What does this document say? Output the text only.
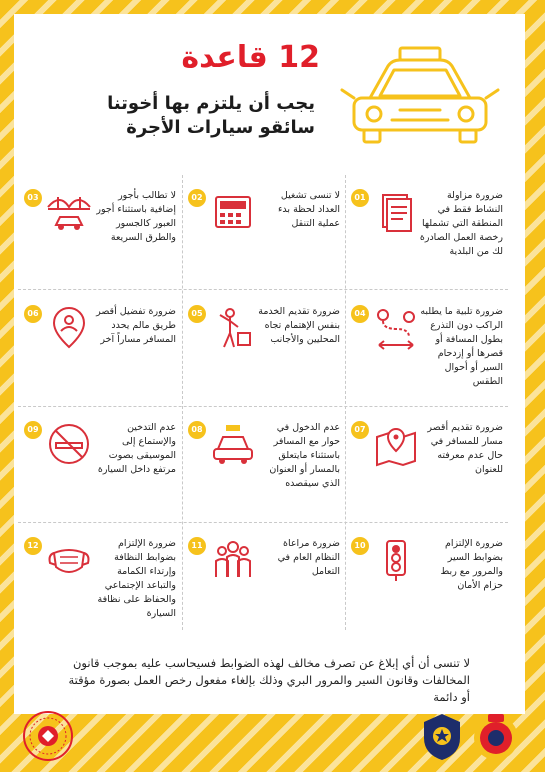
12 قاعدة
يجب أن يلتزم بها أخوتنا سائقو سيارات الأجرة
01	ضرورة مزاولة النشاط فقط في المنطقة التي تشملها رخصة العمل الصادرة لك من البلدية
02	لا تنسى تشغيل العداد لحظة بدء عملية التنقل
03	لا تطالب بأجور إضافية باستثناء أجور العبور كالجسور والطرق السريعة
04	ضرورة تلبية ما يطلبه الراكب دون التذرع بطول المسافة أو قصرها أو إزدحام السير أو أحوال الطقس
05	ضرورة تقديم الخدمة بنفس الإهتمام تجاه المحليين والأجانب
06	ضرورة تفضيل أقصر طريق مالم يحدد المسافر مساراً آخر
07	ضرورة تقديم أقصر مسار للمسافر في حال عدم معرفته للعنوان
08	عدم الدخول في حوار مع المسافر باستثناء مايتعلق بالمسار أو العنوان الذي سيقصده
09	عدم التدخين والإستماع إلى الموسيقى بصوت مرتفع داخل السيارة
10	ضرورة الإلتزام بضوابط السير والمرور مع ربط حزام الأمان
11	ضرورة مراعاة النظام العام في التعامل
12	ضرورة الإلتزام بضوابط النظافة وإرتداء الكمامة والتباعد الإجتماعي والحفاظ على نظافة السيارة
لا تنسى أن أي إبلاغ عن تصرف مخالف لهذه الضوابط فسيحاسب عليه بموجب قانون المخالفات وقانون السير والمرور البري وذلك بإلغاء مفعول رخص العمل بصورة مؤقتة أو دائمة
